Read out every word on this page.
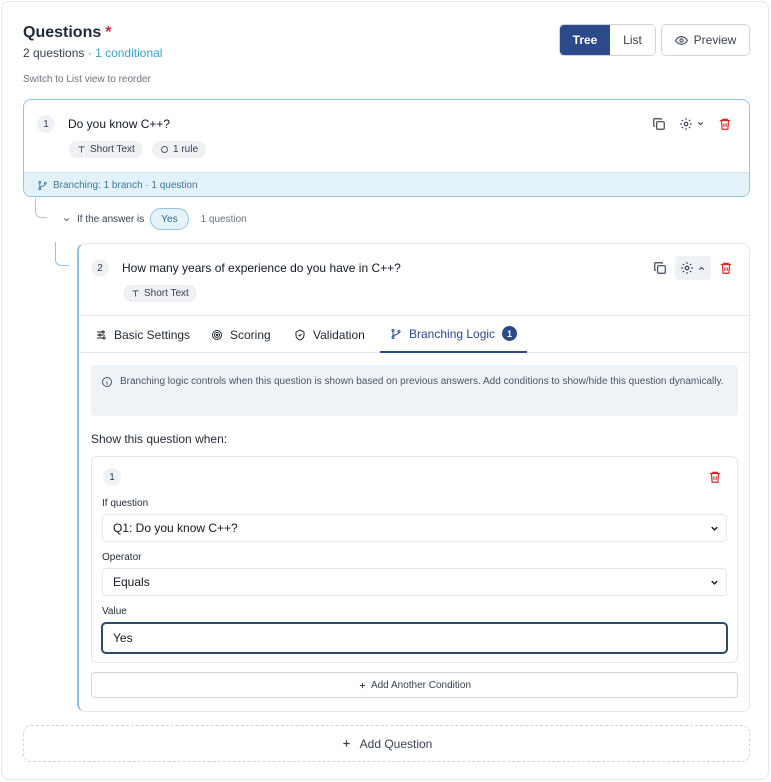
Questions *
2 questions · 1 conditional
Switch to List view to reorder
Tree	List	Preview
1	Do you know C++?
Short Text	1 rule
Branching: 1 branch · 1 question
If the answer is	Yes	1 question
2	How many years of experience do you have in C++?
Short Text
Basic Settings	Scoring	Validation	Branching Logic	1
Branching logic controls when this question is shown based on previous answers. Add conditions to show/hide this question dynamically.
Show this question when:
1
If question
Q1: Do you know C++?
Operator
Equals
Value
Yes
Add Another Condition
Add Question
